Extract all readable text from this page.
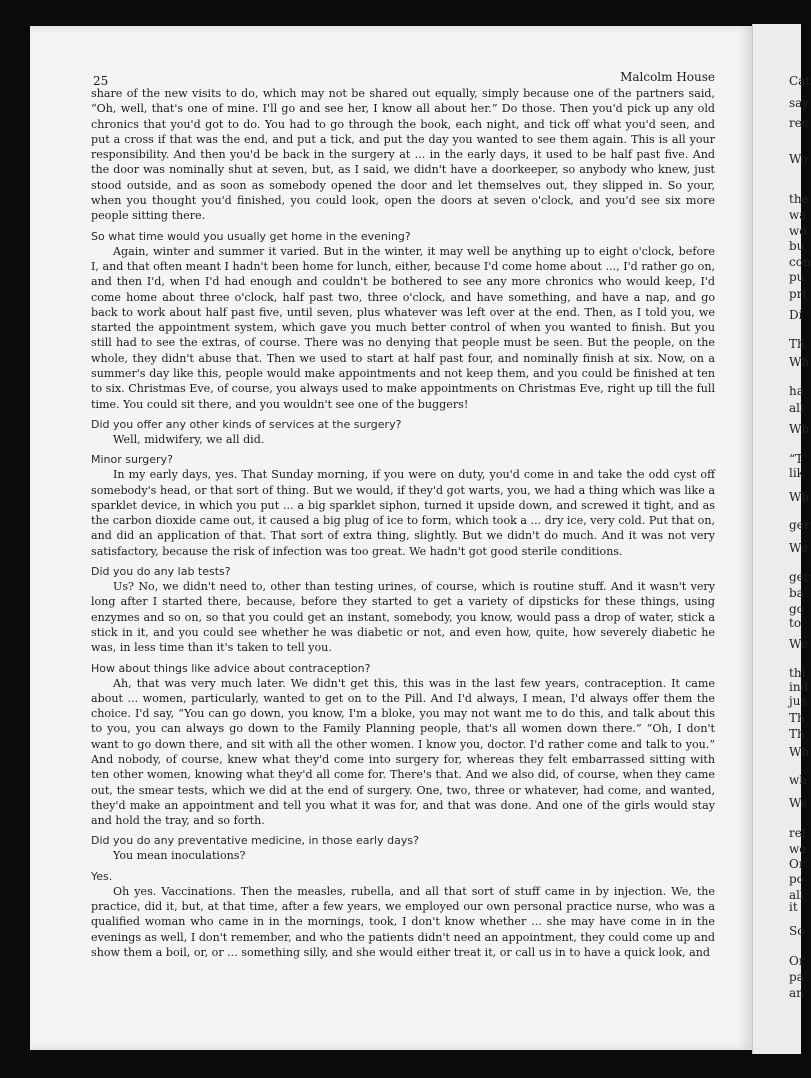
25	Malcolm House

share of the new visits to do, which may not be shared out equally, simply because one of the partners said, “Oh, well, that's one of mine. I'll go and see her, I know all about her.” Do those. Then you'd pick up any old chronics that you'd got to do. You had to go through the book, each night, and tick off what you'd seen, and put a cross if that was the end, and put a tick, and put the day you wanted to see them again. This is all your responsibility. And then you'd be back in the surgery at ... in the early days, it used to be half past five. And the door was nominally shut at seven, but, as I said, we didn't have a doorkeeper, so anybody who knew, just stood outside, and as soon as somebody opened the door and let themselves out, they slipped in. So your, when you thought you'd finished, you could look, open the doors at seven o'clock, and you'd see six more people sitting there.

So what time would you usually get home in the evening?

Again, winter and summer it varied. But in the winter, it may well be anything up to eight o'clock, before I, and that often meant I hadn't been home for lunch, either, because I'd come home about ..., I'd rather go on, and then I'd, when I'd had enough and couldn't be bothered to see any more chronics who would keep, I'd come home about three o'clock, half past two, three o'clock, and have something, and have a nap, and go back to work about half past five, until seven, plus whatever was left over at the end. Then, as I told you, we started the appointment system, which gave you much better control of when you wanted to finish. But you still had to see the extras, of course. There was no denying that people must be seen. But the people, on the whole, they didn't abuse that. Then we used to start at half past four, and nominally finish at six. Now, on a summer's day like this, people would make appointments and not keep them, and you could be finished at ten to six. Christmas Eve, of course, you always used to make appointments on Christmas Eve, right up till the full time. You could sit there, and you wouldn't see one of the buggers!

Did you offer any other kinds of services at the surgery?

Well, midwifery, we all did.

Minor surgery?

In my early days, yes. That Sunday morning, if you were on duty, you'd come in and take the odd cyst off somebody's head, or that sort of thing. But we would, if they'd got warts, you, we had a thing which was like a sparklet device, in which you put ... a big sparklet siphon, turned it upside down, and screwed it tight, and as the carbon dioxide came out, it caused a big plug of ice to form, which took a ... dry ice, very cold. Put that on, and did an application of that. That sort of extra thing, slightly. But we didn't do much. And it was not very satisfactory, because the risk of infection was too great. We hadn't got good sterile conditions.

Did you do any lab tests?

Us? No, we didn't need to, other than testing urines, of course, which is routine stuff. And it wasn't very long after I started there, because, before they started to get a variety of dipsticks for these things, using enzymes and so on, so that you could get an instant, somebody, you know, would pass a drop of water, stick a stick in it, and you could see whether he was diabetic or not, and even how, quite, how severely diabetic he was, in less time than it's taken to tell you.

How about things like advice about contraception?

Ah, that was very much later. We didn't get this, this was in the last few years, contraception. It came about ... women, particularly, wanted to get on to the Pill. And I'd always, I mean, I'd always offer them the choice. I'd say, “You can go down, you know, I'm a bloke, you may not want me to do this, and talk about this to you, you can always go down to the Family Planning people, that's all women down there.” “Oh, I don't want to go down there, and sit with all the other women. I know you, doctor. I'd rather come and talk to you.” And nobody, of course, knew what they'd come into surgery for, whereas they felt embarrassed sitting with ten other women, knowing what they'd all come for. There's that. And we also did, of course, when they came out, the smear tests, which we did at the end of surgery. One, two, three or whatever, had come, and wanted, they'd make an appointment and tell you what it was for, and that was done. And one of the girls would stay and hold the tray, and so forth.

Did you do any preventative medicine, in those early days?

You mean inoculations?

Yes.

Oh yes. Vaccinations. Then the measles, rubella, and all that sort of stuff came in by injection. We, the practice, did it, but, at that time, after a few years, we employed our own personal practice nurse, who was a qualified woman who came in in the mornings, took, I don't know whether ... she may have come in in the evenings as well, I don't remember, and who the patients didn't need an appointment, they could come up and show them a boil, or, or ... something silly, and she would either treat it, or call us in to have a quick look, and

Cat
say
rec
Wo
the
wa
wo
bu
con
pu
pri
Di
Th
Wh
ha
all
Wh
“T
lik
Wh
ger
Wo
ger
ba
go
to
We
thi
ind
jus
Th
Th
Wh
wh
We
rel
we
Or
po
all
it
So
Or
pa
an
